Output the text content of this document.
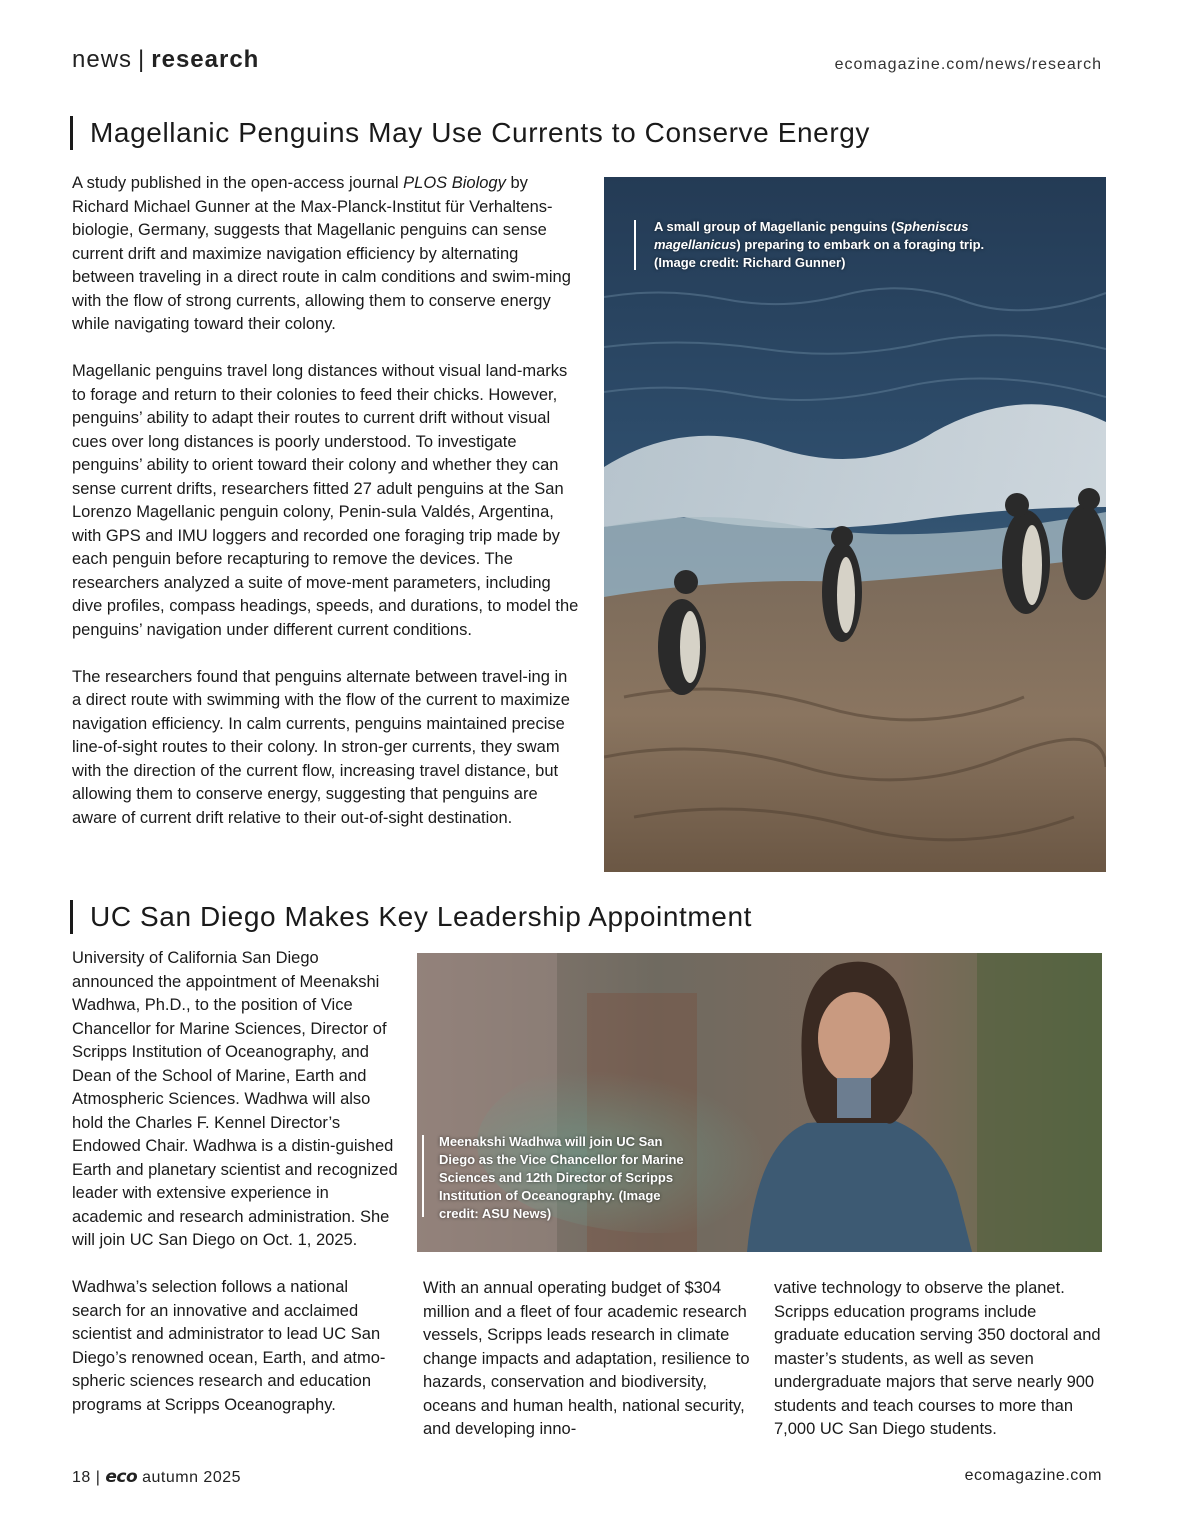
news | research	ecomagazine.com/news/research
Magellanic Penguins May Use Currents to Conserve Energy

A study published in the open-access journal PLOS Biology by Richard Michael Gunner at the Max-Planck-Institut für Verhaltens-biologie, Germany, suggests that Magellanic penguins can sense current drift and maximize navigation efficiency by alternating between traveling in a direct route in calm conditions and swim-ming with the flow of strong currents, allowing them to conserve energy while navigating toward their colony.

Magellanic penguins travel long distances without visual land-marks to forage and return to their colonies to feed their chicks. However, penguins’ ability to adapt their routes to current drift without visual cues over long distances is poorly understood. To investigate penguins’ ability to orient toward their colony and whether they can sense current drifts, researchers fitted 27 adult penguins at the San Lorenzo Magellanic penguin colony, Penin-sula Valdés, Argentina, with GPS and IMU loggers and recorded one foraging trip made by each penguin before recapturing to remove the devices. The researchers analyzed a suite of move-ment parameters, including dive profiles, compass headings, speeds, and durations, to model the penguins’ navigation under different current conditions.

The researchers found that penguins alternate between travel-ing in a direct route with swimming with the flow of the current to maximize navigation efficiency. In calm currents, penguins maintained precise line-of-sight routes to their colony. In stron-ger currents, they swam with the direction of the current flow, increasing travel distance, but allowing them to conserve energy, suggesting that penguins are aware of current drift relative to their out-of-sight destination.

A small group of Magellanic penguins (Spheniscus magellanicus) preparing to embark on a foraging trip. (Image credit: Richard Gunner)
UC San Diego Makes Key Leadership Appointment

University of California San Diego announced the appointment of Meenakshi Wadhwa, Ph.D., to the position of Vice Chancellor for Marine Sciences, Director of Scripps Institution of Oceanography, and Dean of the School of Marine, Earth and Atmospheric Sciences. Wadhwa will also hold the Charles F. Kennel Director’s Endowed Chair. Wadhwa is a distin-guished Earth and planetary scientist and recognized leader with extensive experience in academic and research administration. She will join UC San Diego on Oct. 1, 2025.

Wadhwa’s selection follows a national search for an innovative and acclaimed scientist and administrator to lead UC San Diego’s renowned ocean, Earth, and atmo-spheric sciences research and education programs at Scripps Oceanography.

Meenakshi Wadhwa will join UC San Diego as the Vice Chancellor for Marine Sciences and 12th Director of Scripps Institution of Oceanography. (Image credit: ASU News)

With an annual operating budget of $304 million and a fleet of four academic research vessels, Scripps leads research in climate change impacts and adaptation, resilience to hazards, conservation and biodiversity, oceans and human health, national security, and developing inno-

vative technology to observe the planet. Scripps education programs include graduate education serving 350 doctoral and master’s students, as well as seven undergraduate majors that serve nearly 900 students and teach courses to more than 7,000 UC San Diego students.

18 | eco autumn 2025	ecomagazine.com
